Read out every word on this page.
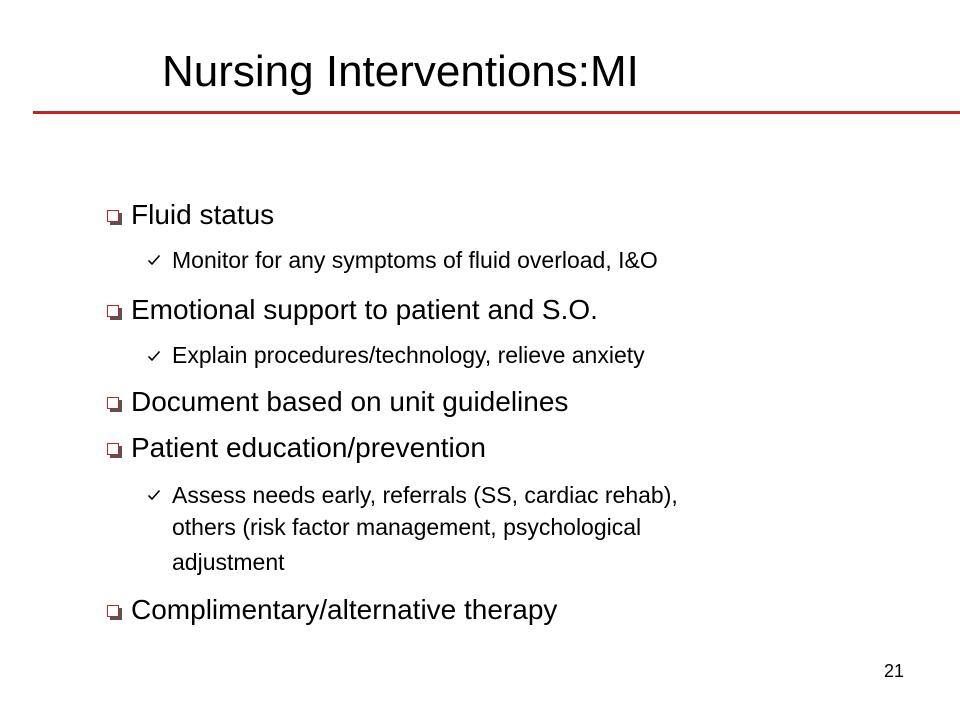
Nursing Interventions:MI
Fluid status
Monitor for any symptoms of fluid overload, I&O
Emotional support to patient and S.O.
Explain procedures/technology, relieve anxiety
Document based on unit guidelines
Patient education/prevention
Assess needs early, referrals (SS, cardiac rehab),
others (risk factor management, psychological
adjustment
Complimentary/alternative therapy
21
